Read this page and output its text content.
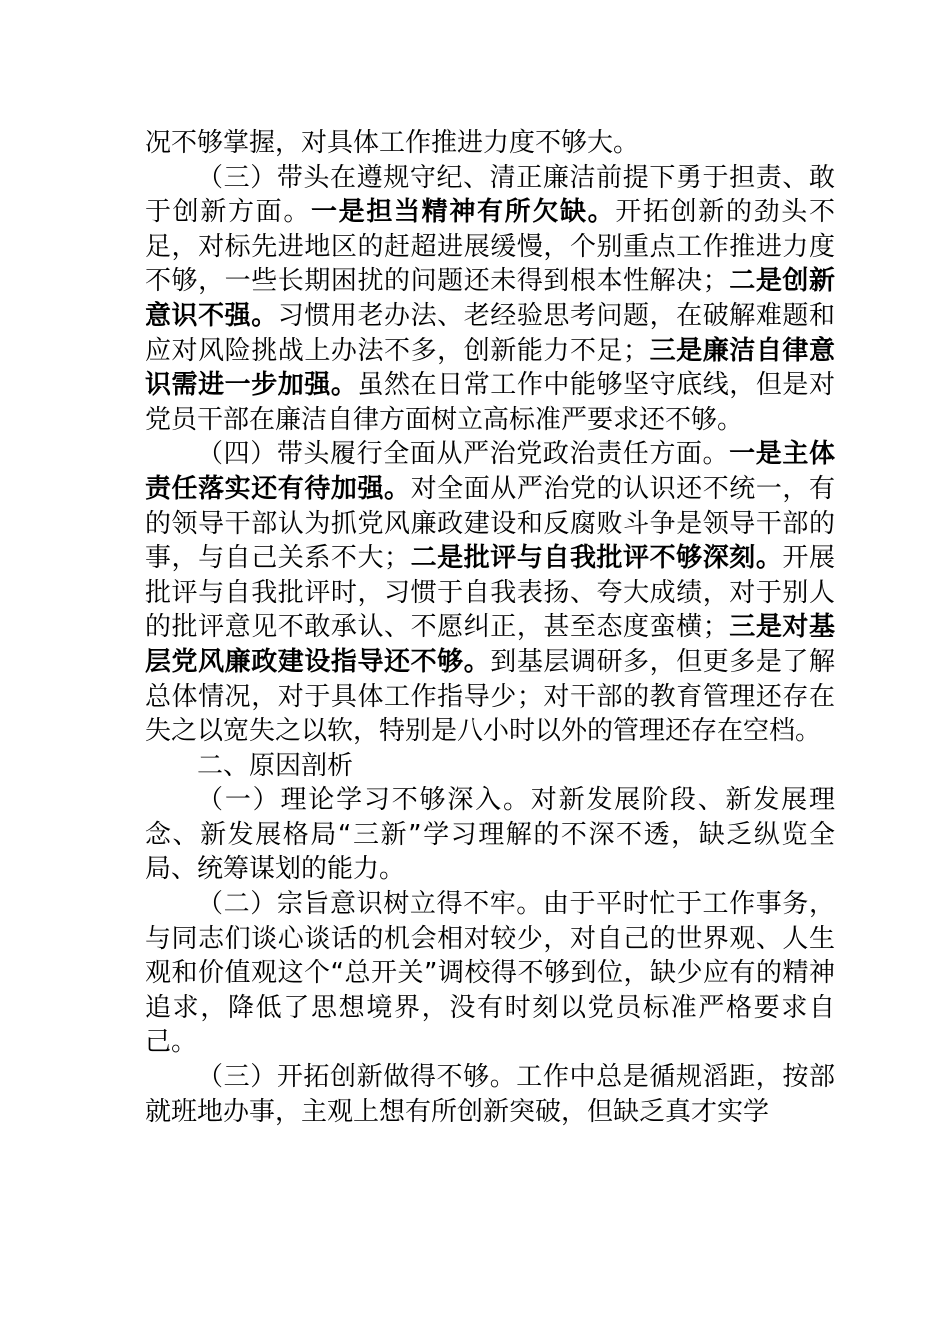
况不够掌握，对具体工作推进力度不够大。

（三）带头在遵规守纪、清正廉洁前提下勇于担责、敢于创新方面。一是担当精神有所欠缺。开拓创新的劲头不足，对标先进地区的赶超进展缓慢，个别重点工作推进力度不够，一些长期困扰的问题还未得到根本性解决；二是创新意识不强。习惯用老办法、老经验思考问题，在破解难题和应对风险挑战上办法不多，创新能力不足；三是廉洁自律意识需进一步加强。虽然在日常工作中能够坚守底线，但是对党员干部在廉洁自律方面树立高标准严要求还不够。

（四）带头履行全面从严治党政治责任方面。一是主体责任落实还有待加强。对全面从严治党的认识还不统一，有的领导干部认为抓党风廉政建设和反腐败斗争是领导干部的事，与自己关系不大；二是批评与自我批评不够深刻。开展批评与自我批评时，习惯于自我表扬、夸大成绩，对于别人的批评意见不敢承认、不愿纠正，甚至态度蛮横；三是对基层党风廉政建设指导还不够。到基层调研多，但更多是了解总体情况，对于具体工作指导少；对干部的教育管理还存在失之以宽失之以软，特别是八小时以外的管理还存在空档。

二、原因剖析

（一）理论学习不够深入。对新发展阶段、新发展理念、新发展格局“三新”学习理解的不深不透，缺乏纵览全局、统筹谋划的能力。

（二）宗旨意识树立得不牢。由于平时忙于工作事务，与同志们谈心谈话的机会相对较少，对自己的世界观、人生观和价值观这个“总开关”调校得不够到位，缺少应有的精神追求，降低了思想境界，没有时刻以党员标准严格要求自己。

（三）开拓创新做得不够。工作中总是循规滔距，按部就班地办事，主观上想有所创新突破，但缺乏真才实学
